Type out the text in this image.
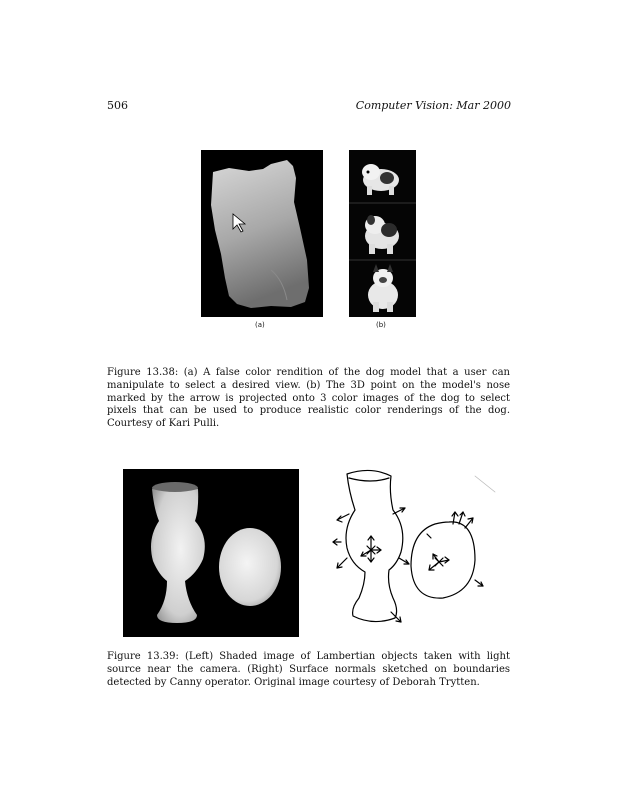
506	Computer Vision: Mar 2000
(a)	(b)
Figure 13.38: (a) A false color rendition of the dog model that a user can manipulate to select a desired view. (b) The 3D point on the model's nose marked by the arrow is projected onto 3 color images of the dog to select pixels that can be used to produce realistic color renderings of the dog. Courtesy of Kari Pulli.
Figure 13.39: (Left) Shaded image of Lambertian objects taken with light source near the camera. (Right) Surface normals sketched on boundaries detected by Canny operator. Original image courtesy of Deborah Trytten.
